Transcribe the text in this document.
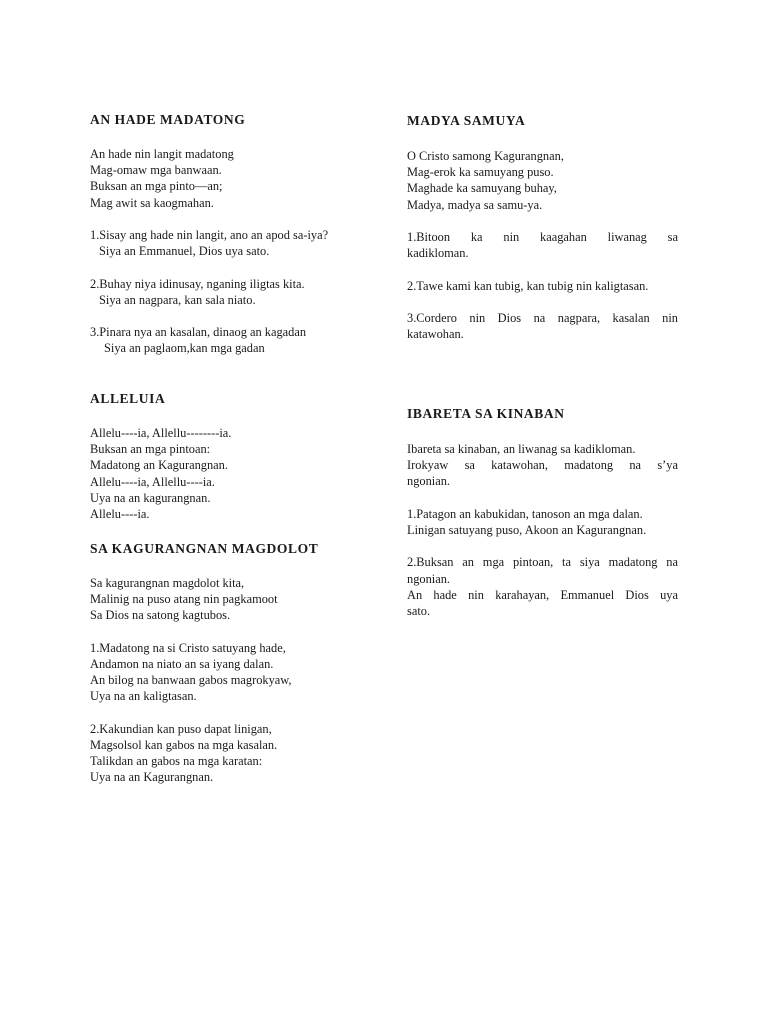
AN HADE MADATONG
An hade nin langit madatong
Mag-omaw mga banwaan.
Buksan an mga pinto—an;
Mag awit sa kaogmahan.
1.Sisay ang hade nin langit, ano an apod sa-iya?
Siya an Emmanuel, Dios uya sato.
2.Buhay niya idinusay, nganing iligtas kita.
Siya an nagpara, kan sala niato.
3.Pinara nya an kasalan, dinaog an kagadan
Siya an paglaom,kan mga gadan
ALLELUIA
Allelu----ia, Allellu--------ia.
Buksan an mga pintoan:
Madatong an Kagurangnan.
Allelu----ia, Allellu----ia.
Uya na an kagurangnan.
Allelu----ia.
SA KAGURANGNAN MAGDOLOT
Sa kagurangnan magdolot kita,
Malinig na puso atang nin pagkamoot
Sa Dios na satong kagtubos.
1.Madatong na si Cristo satuyang hade,
Andamon na niato an sa iyang dalan.
An bilog na banwaan gabos magrokyaw,
Uya na an kaligtasan.
2.Kakundian kan puso dapat linigan,
Magsolsol kan gabos na mga kasalan.
Talikdan an gabos na mga karatan:
Uya na an Kagurangnan.
MADYA SAMUYA
O Cristo samong Kagurangnan,
Mag-erok ka samuyang puso.
Maghade ka samuyang buhay,
Madya, madya sa samu-ya.
1.Bitoon ka nin kaagahan liwanag sa
kadikloman.
2.Tawe kami kan tubig, kan tubig nin kaligtasan.
3.Cordero nin Dios na nagpara, kasalan nin
katawohan.
IBARETA SA KINABAN
Ibareta sa kinaban, an liwanag sa kadikloman.
Irokyaw sa katawohan, madatong na s’ya
ngonian.
1.Patagon an kabukidan, tanoson an mga dalan.
Linigan satuyang puso, Akoon an Kagurangnan.
2.Buksan an mga pintoan, ta siya madatong na
ngonian.
An hade nin karahayan, Emmanuel Dios uya
sato.
